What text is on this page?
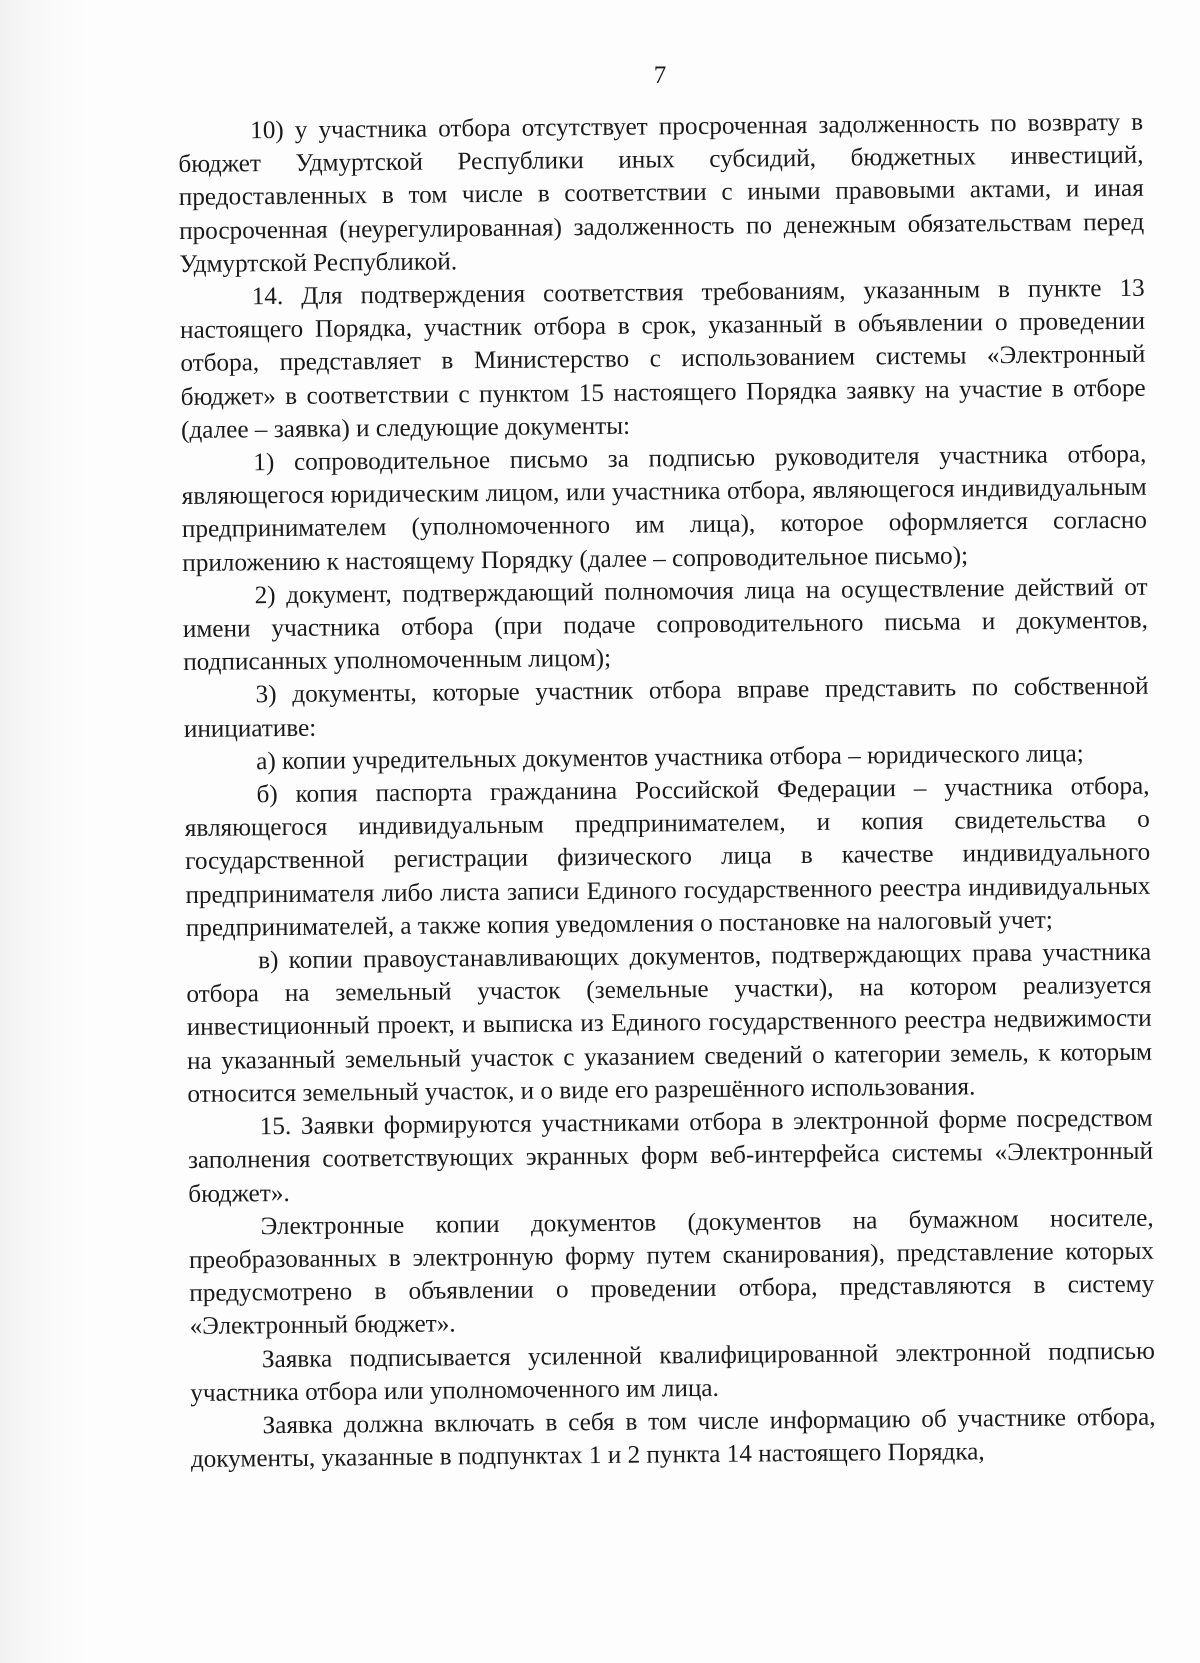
7

10) у участника отбора отсутствует просроченная задолженность по возврату в бюджет Удмуртской Республики иных субсидий, бюджетных инвестиций, предоставленных в том числе в соответствии с иными правовыми актами, и иная просроченная (неурегулированная) задолженность по денежным обязательствам перед Удмуртской Республикой.

14. Для подтверждения соответствия требованиям, указанным в пункте 13 настоящего Порядка, участник отбора в срок, указанный в объявлении о проведении отбора, представляет в Министерство с использованием системы «Электронный бюджет» в соответствии с пунктом 15 настоящего Порядка заявку на участие в отборе (далее – заявка) и следующие документы:

1) сопроводительное письмо за подписью руководителя участника отбора, являющегося юридическим лицом, или участника отбора, являющегося индивидуальным предпринимателем (уполномоченного им лица), которое оформляется согласно приложению к настоящему Порядку (далее – сопроводительное письмо);

2) документ, подтверждающий полномочия лица на осуществление действий от имени участника отбора (при подаче сопроводительного письма и документов, подписанных уполномоченным лицом);

3) документы, которые участник отбора вправе представить по собственной инициативе:

а) копии учредительных документов участника отбора – юридического лица;

б) копия паспорта гражданина Российской Федерации – участника отбора, являющегося индивидуальным предпринимателем, и копия свидетельства о государственной регистрации физического лица в качестве индивидуального предпринимателя либо листа записи Единого государственного реестра индивидуальных предпринимателей, а также копия уведомления о постановке на налоговый учет;

в) копии правоустанавливающих документов, подтверждающих права участника отбора на земельный участок (земельные участки), на котором реализуется инвестиционный проект, и выписка из Единого государственного реестра недвижимости на указанный земельный участок с указанием сведений о категории земель, к которым относится земельный участок, и о виде его разрешённого использования.

15. Заявки формируются участниками отбора в электронной форме посредством заполнения соответствующих экранных форм веб-интерфейса системы «Электронный бюджет».

Электронные копии документов (документов на бумажном носителе, преобразованных в электронную форму путем сканирования), представление которых предусмотрено в объявлении о проведении отбора, представляются в систему «Электронный бюджет».

Заявка подписывается усиленной квалифицированной электронной подписью участника отбора или уполномоченного им лица.

Заявка должна включать в себя в том числе информацию об участнике отбора, документы, указанные в подпунктах 1 и 2 пункта 14 настоящего Порядка,
